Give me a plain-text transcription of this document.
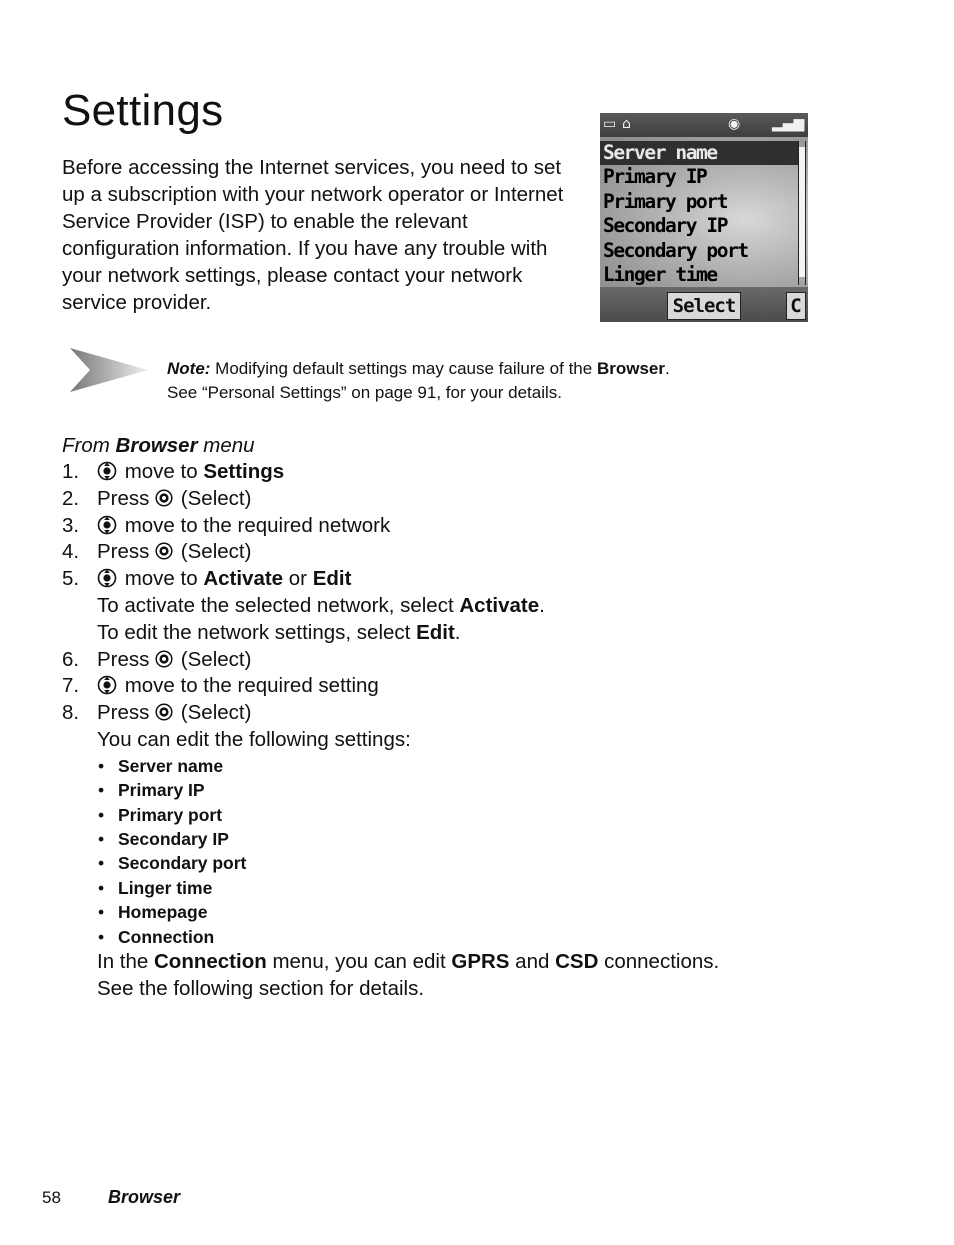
Settings

Before accessing the Internet services, you need to set up a subscription with your network operator or Internet Service Provider (ISP) to enable the relevant configuration information. If you have any trouble with your network settings, please contact your network service provider.

▭ ⌂	◉ ▂▄▆
Server name
Primary IP
Primary port
Secondary IP
Secondary port
Linger time
Select	C

Note: Modifying default settings may cause failure of the Browser.
See “Personal Settings” on page 91, for your details.

From Browser menu

1.	move to Settings
2. Press  (Select)
3.	move to the required network
4. Press  (Select)
5.	move to Activate or Edit
To activate the selected network, select Activate.
To edit the network settings, select Edit.
6. Press  (Select)
7.	move to the required setting
8. Press  (Select)
You can edit the following settings:
• Server name
• Primary IP
• Primary port
• Secondary IP
• Secondary port
• Linger time
• Homepage
• Connection
In the Connection menu, you can edit GPRS and CSD connections.
See the following section for details.

58	Browser
